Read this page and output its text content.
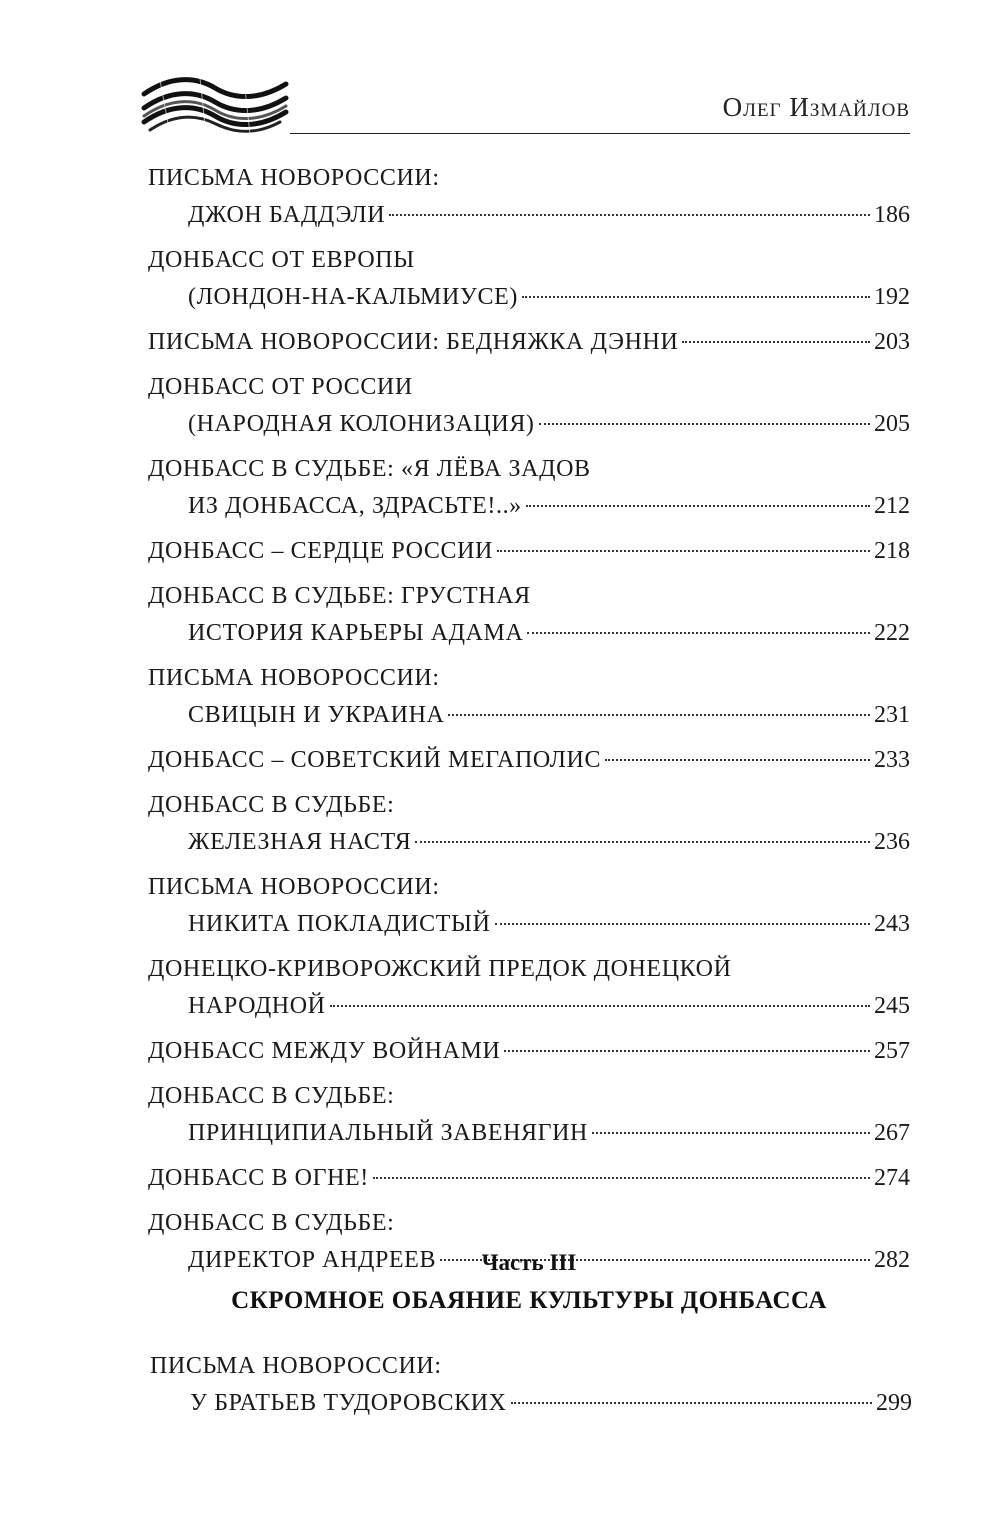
Олег Измайлов
ПИСЬМА НОВОРОССИИ:
ДЖОН БАДДЭЛИ	186
ДОНБАСС ОТ ЕВРОПЫ
(ЛОНДОН-НА-КАЛЬМИУСЕ)	192
ПИСЬМА НОВОРОССИИ: БЕДНЯЖКА ДЭННИ	203
ДОНБАСС ОТ РОССИИ
(НАРОДНАЯ КОЛОНИЗАЦИЯ)	205
ДОНБАСС В СУДЬБЕ: «Я ЛЁВА ЗАДОВ
ИЗ ДОНБАССА, ЗДРАСЬТЕ!..»	212
ДОНБАСС – СЕРДЦЕ РОССИИ	218
ДОНБАСС В СУДЬБЕ: ГРУСТНАЯ
ИСТОРИЯ КАРЬЕРЫ АДАМА	222
ПИСЬМА НОВОРОССИИ:
СВИЦЫН И УКРАИНА	231
ДОНБАСС – СОВЕТСКИЙ МЕГАПОЛИС	233
ДОНБАСС В СУДЬБЕ:
ЖЕЛЕЗНАЯ НАСТЯ	236
ПИСЬМА НОВОРОССИИ:
НИКИТА ПОКЛАДИСТЫЙ	243
ДОНЕЦКО-КРИВОРОЖСКИЙ ПРЕДОК ДОНЕЦКОЙ
НАРОДНОЙ	245
ДОНБАСС МЕЖДУ ВОЙНАМИ	257
ДОНБАСС В СУДЬБЕ:
ПРИНЦИПИАЛЬНЫЙ ЗАВЕНЯГИН	267
ДОНБАСС В ОГНЕ!	274
ДОНБАСС В СУДЬБЕ:
ДИРЕКТОР АНДРЕЕВ	282
Часть III
СКРОМНОЕ ОБАЯНИЕ КУЛЬТУРЫ ДОНБАССА
ПИСЬМА НОВОРОССИИ:
У БРАТЬЕВ ТУДОРОВСКИХ	299
